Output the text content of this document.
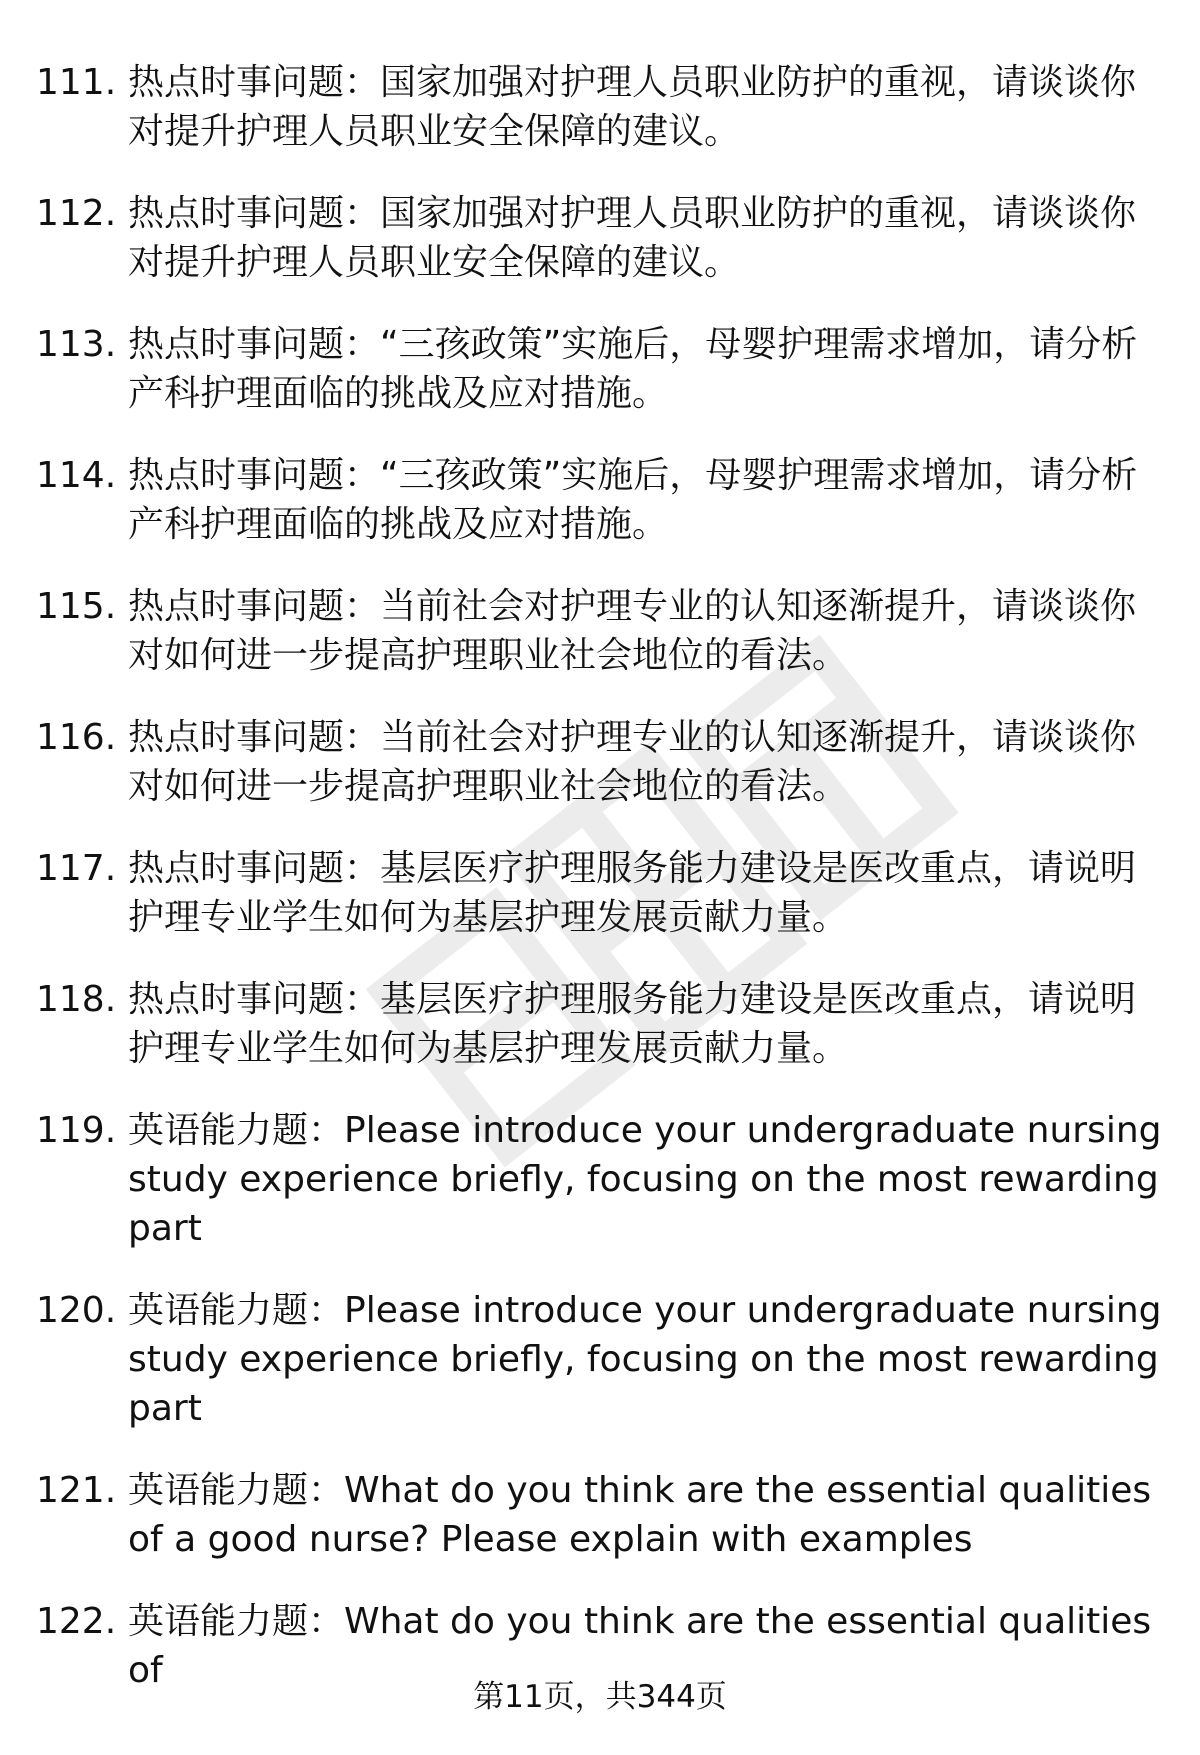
111. 热点时事问题：国家加强对护理人员职业防护的重视，请谈谈你对提升护理人员职业安全保障的建议。
112. 热点时事问题：国家加强对护理人员职业防护的重视，请谈谈你对提升护理人员职业安全保障的建议。
113. 热点时事问题：“三孩政策”实施后，母婴护理需求增加，请分析产科护理面临的挑战及应对措施。
114. 热点时事问题：“三孩政策”实施后，母婴护理需求增加，请分析产科护理面临的挑战及应对措施。
115. 热点时事问题：当前社会对护理专业的认知逐渐提升，请谈谈你对如何进一步提高护理职业社会地位的看法。
116. 热点时事问题：当前社会对护理专业的认知逐渐提升，请谈谈你对如何进一步提高护理职业社会地位的看法。
117. 热点时事问题：基层医疗护理服务能力建设是医改重点，请说明护理专业学生如何为基层护理发展贡献力量。
118. 热点时事问题：基层医疗护理服务能力建设是医改重点，请说明护理专业学生如何为基层护理发展贡献力量。
119. 英语能力题：Please introduce your undergraduate nursing study experience briefly, focusing on the most rewarding part
120. 英语能力题：Please introduce your undergraduate nursing study experience briefly, focusing on the most rewarding part
121. 英语能力题：What do you think are the essential qualities of a good nurse? Please explain with examples
122. 英语能力题：What do you think are the essential qualities of
第11页，共344页
